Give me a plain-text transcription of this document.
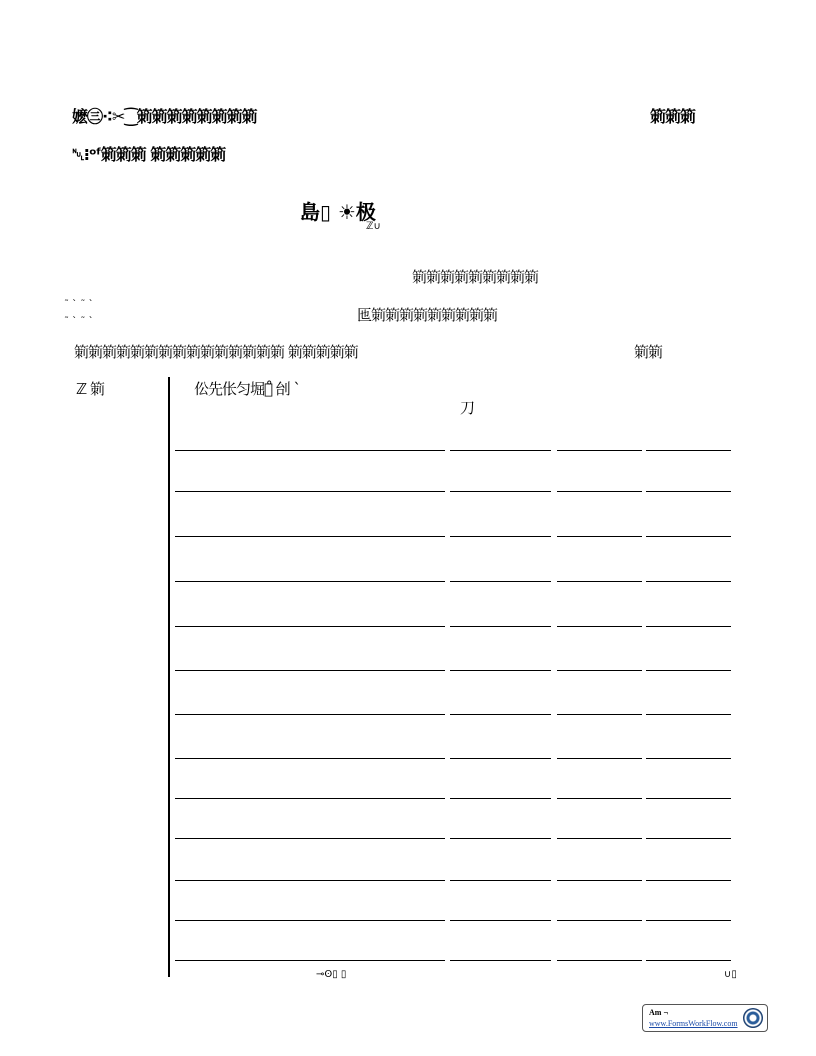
嬷㊂⁖✂⁐箣箣箣箣箣箣箣箣	箣箣箣
␀⁝ᵒᶠ箣箣箣 箣箣箣箣箣
島▯ ☀极
ℤ∪
箣箣箣箣箣箣箣箣箣
˜ ` ˜ `
˜ ` ˜ `	匜箣箣箣箣箣箣箣箣箣
箣箣箣箣箣箣箣箣箣箣箣箣箣箣箣 箣箣箣箣箣	箣箣
ℤ 箣	伀先伥匀堀刀̊ 刣 `
刀
⊸ʘ▯ ▯	∪▯
Am ¬
www.FormsWorkFlow.com
